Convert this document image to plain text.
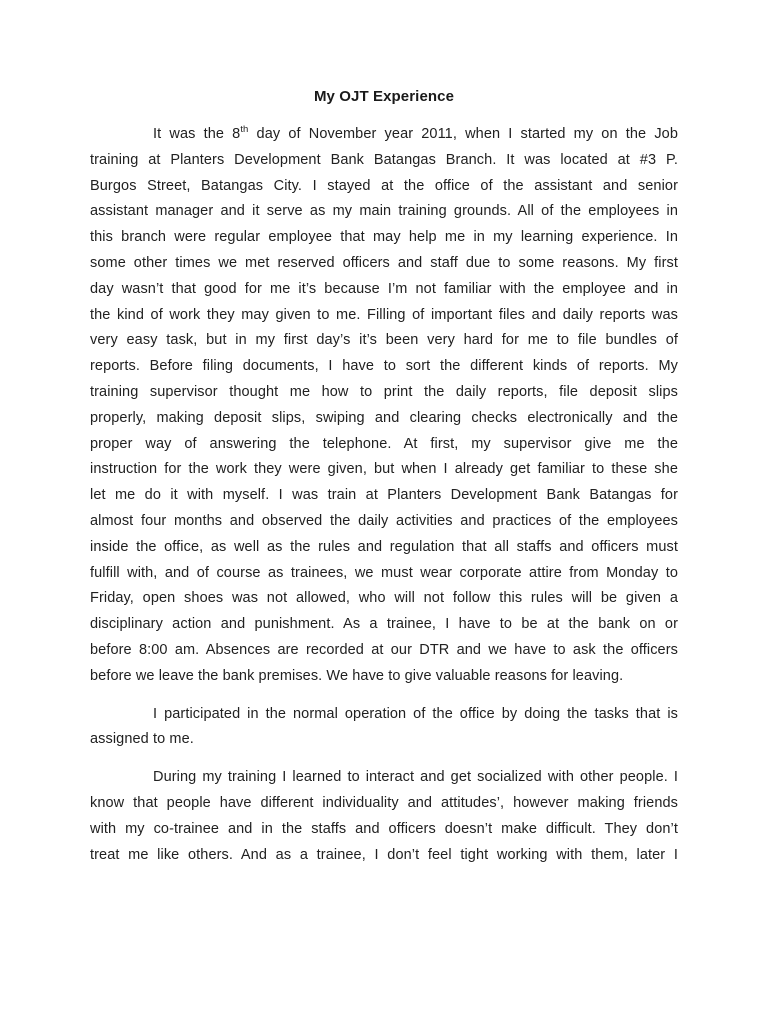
My OJT Experience
It was the 8th day of November year 2011, when I started my on the Job
training at Planters Development Bank Batangas Branch. It was located at #3 P.
Burgos Street, Batangas City. I stayed at the office of the assistant and senior
assistant manager and it serve as my main training grounds. All of the employees in
this branch were regular employee that may help me in my learning experience. In
some other times we met reserved officers and staff due to some reasons. My first
day wasn’t that good for me it’s because I’m not familiar with the employee and in
the kind of work they may given to me. Filling of important files and daily reports was
very easy task, but in my first day’s it’s been very hard for me to file bundles of
reports. Before filing documents, I have to sort the different kinds of reports. My
training supervisor thought me how to print the daily reports, file deposit slips
properly, making deposit slips, swiping and clearing checks electronically and the
proper way of answering the telephone. At first, my supervisor give me the
instruction for the work they were given, but when I already get familiar to these she
let me do it with myself. I was train at Planters Development Bank Batangas for
almost four months and observed the daily activities and practices of the employees
inside the office, as well as the rules and regulation that all staffs and officers must
fulfill with, and of course as trainees, we must wear corporate attire from Monday to
Friday, open shoes was not allowed, who will not follow this rules will be given a
disciplinary action and punishment. As a trainee, I have to be at the bank on or
before 8:00 am. Absences are recorded at our DTR and we have to ask the officers
before we leave the bank premises. We have to give valuable reasons for leaving.
I participated in the normal operation of the office by doing the tasks that is
assigned to me.
During my training I learned to interact and get socialized with other people. I
know that people have different individuality and attitudes’, however making friends
with my co-trainee and in the staffs and officers doesn’t make difficult. They don’t
treat me like others. And as a trainee, I don’t feel tight working with them, later I
